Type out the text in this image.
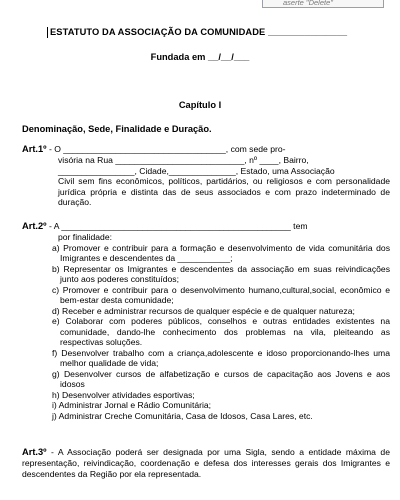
aserte "Delete"
ESTATUTO DA ASSOCIAÇÃO DA COMUNIDADE _______________
Fundada em __/__/___
Capítulo I
Denominação, Sede, Finalidade e Duração.
Art.1º - O __________________________________, com sede pro-
visória na Rua ___________________________, nº ____, Bairro,
________________, Cidade,______________, Estado, uma Associação
Civil sem fins econômicos, políticos, partidários, ou religiosos e com personalidade jurídica própria e distinta das de seus associados e com prazo indeterminado de duração.
Art.2º - A ________________________________________________ tem
por finalidade:
a) Promover e contribuir para a formação e desenvolvimento de vida comunitária dos Imigrantes e descendentes da ___________;
b) Representar os Imigrantes e descendentes da associação em suas reivindicações junto aos poderes constituídos;
c) Promover e contribuir para o desenvolvimento humano,cultural,social, econômico e bem-estar desta comunidade;
d) Receber e administrar recursos de qualquer espécie e de qualquer natureza;
e) Colaborar com poderes públicos, conselhos e outras entidades existentes na comunidade, dando-lhe conhecimento dos problemas na vila, pleiteando as respectivas soluções.
f) Desenvolver trabalho com a criança,adolescente e idoso proporcionando-lhes uma melhor qualidade de vida;
g) Desenvolver cursos de alfabetização e cursos de capacitação aos Jovens e aos idosos
h) Desenvolver atividades esportivas;
i) Administrar Jornal e Rádio Comunitária;
j) Administrar Creche Comunitária, Casa de Idosos, Casa Lares, etc.
Art.3º - A Associação poderá ser designada por uma Sigla, sendo a entidade máxima de representação, reivindicação, coordenação e defesa dos interesses gerais dos Imigrantes e descendentes da Região por ela representada.
